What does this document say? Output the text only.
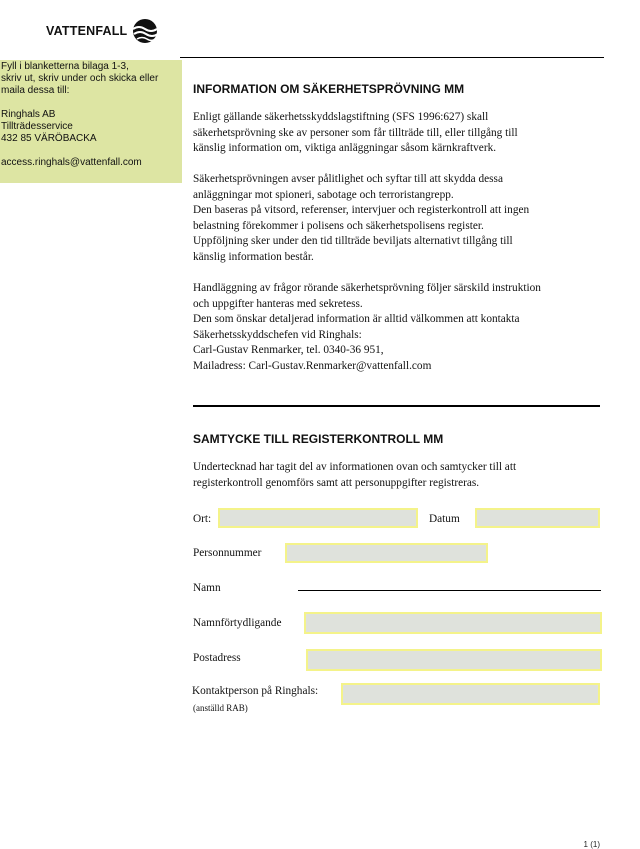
VATTENFALL
Fyll i blanketterna bilaga 1-3,
skriv ut, skriv under och skicka eller
maila dessa till:
Ringhals AB
Tillträdesservice
432 85 VÄRÖBACKA
access.ringhals@vattenfall.com
INFORMATION OM SÄKERHETSPRÖVNING MM
Enligt gällande säkerhetsskyddslagstiftning (SFS 1996:627) skall
säkerhetsprövning ske av personer som får tillträde till, eller tillgång till
känslig information om, viktiga anläggningar såsom kärnkraftverk.
Säkerhetsprövningen avser pålitlighet och syftar till att skydda dessa
anläggningar mot spioneri, sabotage och terroristangrepp.
Den baseras på vitsord, referenser, intervjuer och registerkontroll att ingen
belastning förekommer i polisens och säkerhetspolisens register.
Uppföljning sker under den tid tillträde beviljats alternativt tillgång till
känslig information består.
Handläggning av frågor rörande säkerhetsprövning följer särskild instruktion
och uppgifter hanteras med sekretess.
Den som önskar detaljerad information är alltid välkommen att kontakta
Säkerhetsskyddschefen vid Ringhals:
Carl-Gustav Renmarker, tel. 0340-36 951,
Mailadress: Carl-Gustav.Renmarker@vattenfall.com
SAMTYCKE TILL REGISTERKONTROLL MM
Undertecknad har tagit del av informationen ovan och samtycker till att
registerkontroll genomförs samt att personuppgifter registreras.
Ort:	Datum
Personnummer
Namn
Namnförtydligande
Postadress
Kontaktperson på Ringhals:
(anställd RAB)
1 (1)
